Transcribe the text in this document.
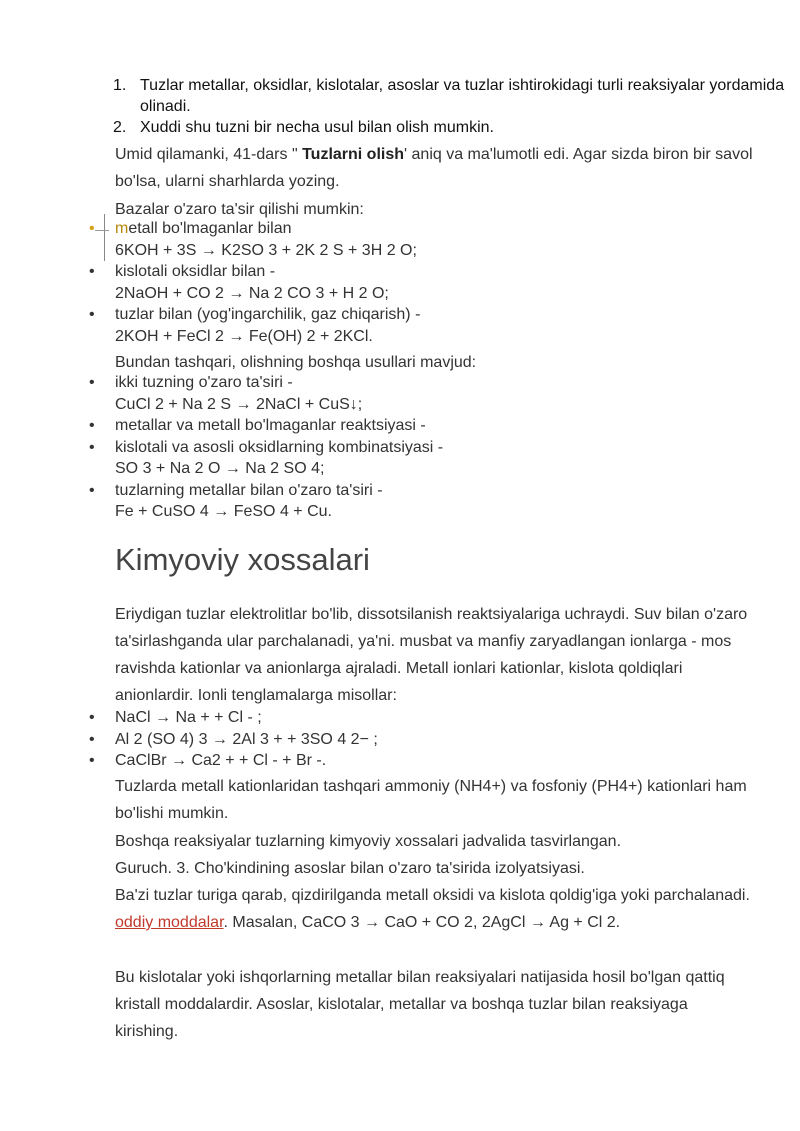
1. Tuzlar metallar, oksidlar, kislotalar, asoslar va tuzlar ishtirokidagi turli reaksiyalar yordamida olinadi.
2. Xuddi shu tuzni bir necha usul bilan olish mumkin.
Umid qilamanki, 41-dars " Tuzlarni olish' aniq va ma'lumotli edi. Agar sizda biron bir savol bo'lsa, ularni sharhlarda yozing.
Bazalar o'zaro ta'sir qilishi mumkin:
• metall bo'lmaganlar bilan
6KOH + 3S → K2SO 3 + 2K 2 S + 3H 2 O;
• kislotali oksidlar bilan -
2NaOH + CO 2 → Na 2 CO 3 + H 2 O;
• tuzlar bilan (yog'ingarchilik, gaz chiqarish) -
2KOH + FeCl 2 → Fe(OH) 2 + 2KCl.
Bundan tashqari, olishning boshqa usullari mavjud:
• ikki tuzning o'zaro ta'siri -
CuCl 2 + Na 2 S → 2NaCl + CuS↓;
• metallar va metall bo'lmaganlar reaktsiyasi -
• kislotali va asosli oksidlarning kombinatsiyasi -
SO 3 + Na 2 O → Na 2 SO 4;
• tuzlarning metallar bilan o'zaro ta'siri -
Fe + CuSO 4 → FeSO 4 + Cu.
Kimyoviy xossalari
Eriydigan tuzlar elektrolitlar bo'lib, dissotsilanish reaktsiyalariga uchraydi. Suv bilan o'zaro ta'sirlashganda ular parchalanadi, ya'ni. musbat va manfiy zaryadlangan ionlarga - mos ravishda kationlar va anionlarga ajraladi. Metall ionlari kationlar, kislota qoldiqlari anionlardir. Ionli tenglamalarga misollar:
• NaCl → Na + + Cl - ;
• Al 2 (SO 4) 3 → 2Al 3 + + 3SO 4 2− ;
• CaClBr → Ca2 + + Cl - + Br -.
Tuzlarda metall kationlaridan tashqari ammoniy (NH4+) va fosfoniy (PH4+) kationlari ham bo'lishi mumkin.
Boshqa reaksiyalar tuzlarning kimyoviy xossalari jadvalida tasvirlangan.
Guruch. 3. Cho'kindining asoslar bilan o'zaro ta'sirida izolyatsiyasi.
Ba'zi tuzlar turiga qarab, qizdirilganda metall oksidi va kislota qoldig'iga yoki parchalanadi. oddiy moddalar. Masalan, CaCO 3 → CaO + CO 2, 2AgCl → Ag + Cl 2.
Bu kislotalar yoki ishqorlarning metallar bilan reaksiyalari natijasida hosil bo'lgan qattiq kristall moddalardir. Asoslar, kislotalar, metallar va boshqa tuzlar bilan reaksiyaga kirishing.
